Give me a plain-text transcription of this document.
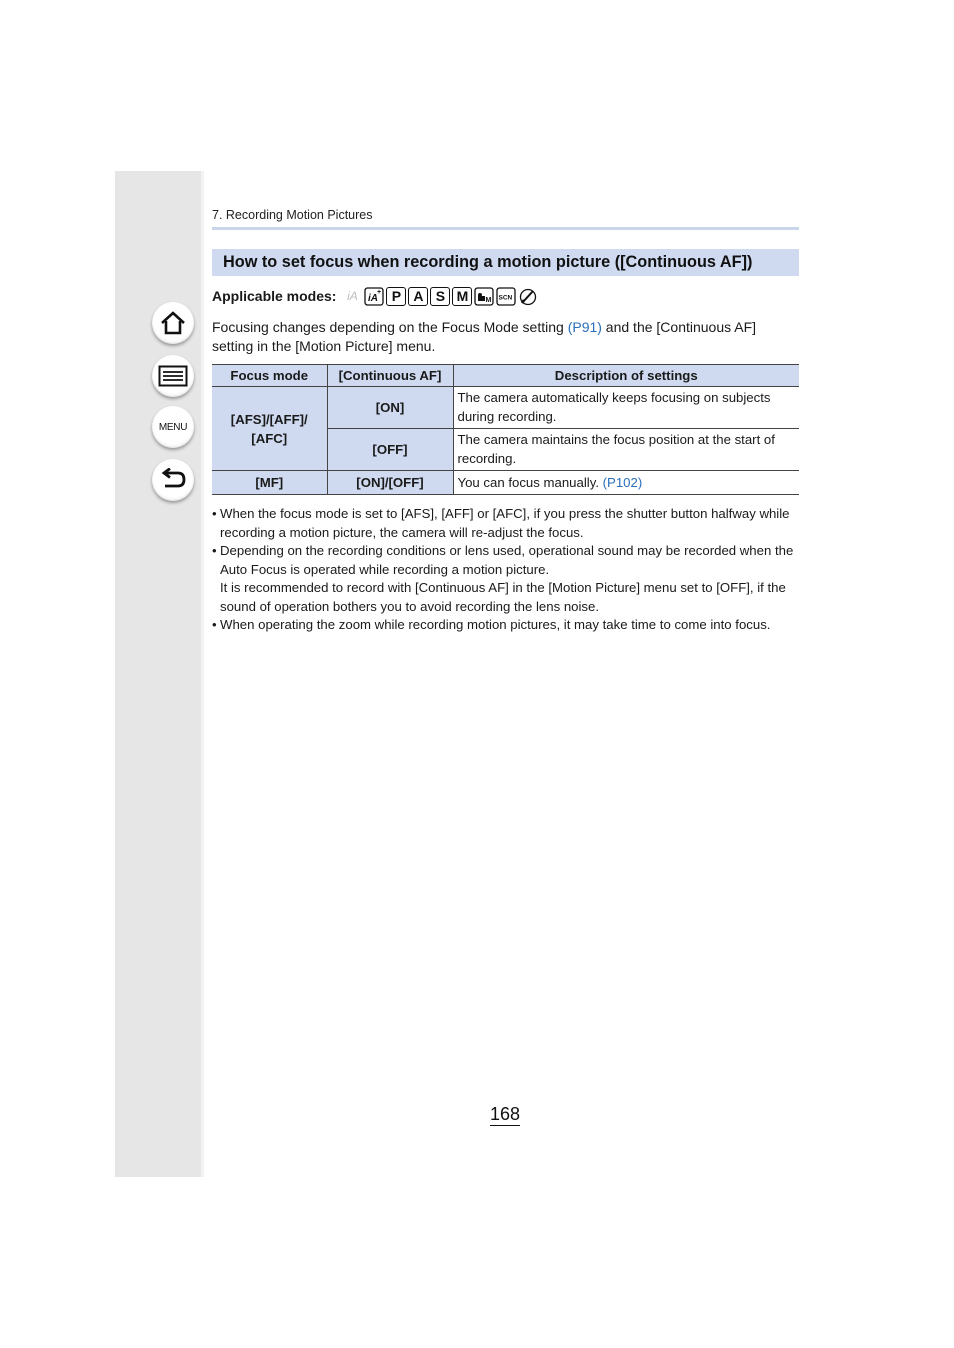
MENU
7. Recording Motion Pictures
How to set focus when recording a motion picture ([Continuous AF])
Applicable modes: iA	iA
+ P A S M	M SCN
Focusing changes depending on the Focus Mode setting (P91) and the [Continuous AF] setting in the [Motion Picture] menu.
Focus mode	[Continuous AF]	Description of settings
[AFS]/[AFF]/ [AFC]	[ON]	The camera automatically keeps focusing on subjects during recording.
	[OFF]	The camera maintains the focus position at the start of recording.
[MF]	[ON]/[OFF]	You can focus manually. (P102)
• When the focus mode is set to [AFS], [AFF] or [AFC], if you press the shutter button halfway while recording a motion picture, the camera will re-adjust the focus.
• Depending on the recording conditions or lens used, operational sound may be recorded when the Auto Focus is operated while recording a motion picture.
It is recommended to record with [Continuous AF] in the [Motion Picture] menu set to [OFF], if the sound of operation bothers you to avoid recording the lens noise.
• When operating the zoom while recording motion pictures, it may take time to come into focus.
168
